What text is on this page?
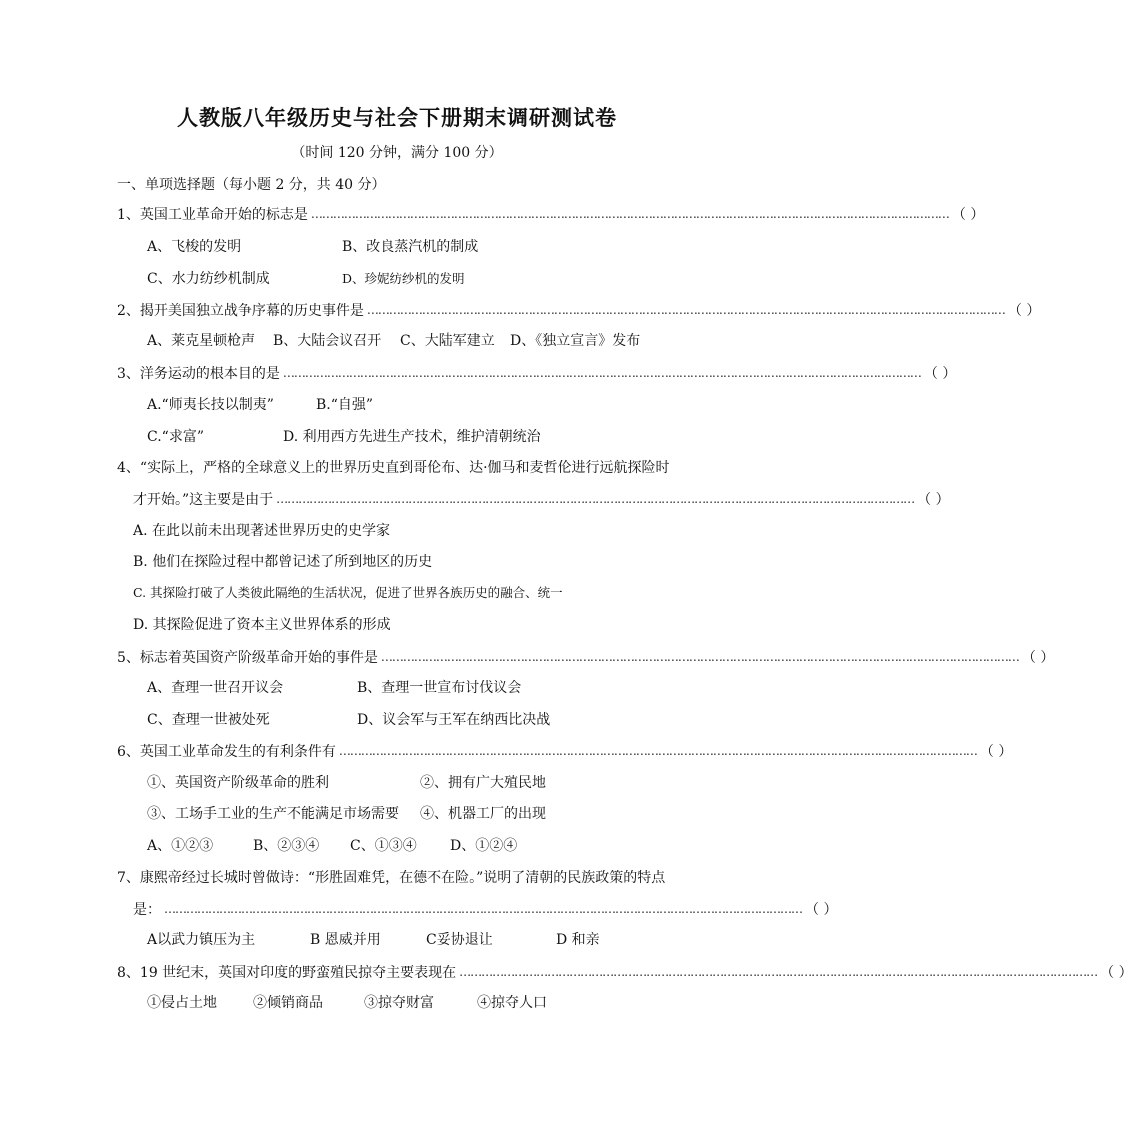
人教版八年级历史与社会下册期末调研测试卷
（时间 120 分钟，满分 100 分）
一、单项选择题（每小题 2 分，共 40 分）
1、英国工业革命开始的标志是 ………………………………………………………………………………………………………………………………………………………… （ ）
A、飞梭的发明	B、改良蒸汽机的制成
C、水力纺纱机制成	D、珍妮纺纱机的发明
2、揭开美国独立战争序幕的历史事件是 ………………………………………………………………………………………………………………………………………………………… （ ）
A、莱克星顿枪声 B、大陆会议召开 C、大陆军建立 D、《独立宣言》发布
3、洋务运动的根本目的是 ………………………………………………………………………………………………………………………………………………………… （ ）
A.“师夷长技以制夷”	B.“自强”
C.“求富”	D. 利用西方先进生产技术，维护清朝统治
4、“实际上，严格的全球意义上的世界历史直到哥伦布、达·伽马和麦哲伦进行远航探险时
才开始。”这主要是由于 ………………………………………………………………………………………………………………………………………………………… （ ）
A. 在此以前未出现著述世界历史的史学家
B. 他们在探险过程中都曾记述了所到地区的历史
C. 其探险打破了人类彼此隔绝的生活状况，促进了世界各族历史的融合、统一
D. 其探险促进了资本主义世界体系的形成
5、标志着英国资产阶级革命开始的事件是 ………………………………………………………………………………………………………………………………………………………… （ ）
A、查理一世召开议会	B、查理一世宣布讨伐议会
C、查理一世被处死	D、议会军与王军在纳西比决战
6、英国工业革命发生的有利条件有 ………………………………………………………………………………………………………………………………………………………… （ ）
①、英国资产阶级革命的胜利	②、拥有广大殖民地
③、工场手工业的生产不能满足市场需要 ④、机器工厂的出现
A、①②③	B、②③④ C、①③④ D、①②④
7、康熙帝经过长城时曾做诗：“形胜固难凭，在德不在险。”说明了清朝的民族政策的特点
是： ………………………………………………………………………………………………………………………………………………………… （ ）
A以武力镇压为主	B 恩威并用	C妥协退让	D 和亲
8、19 世纪末，英国对印度的野蛮殖民掠夺主要表现在 ………………………………………………………………………………………………………………………………………………………… （ ）
①侵占土地	②倾销商品	③掠夺财富	④掠夺人口
